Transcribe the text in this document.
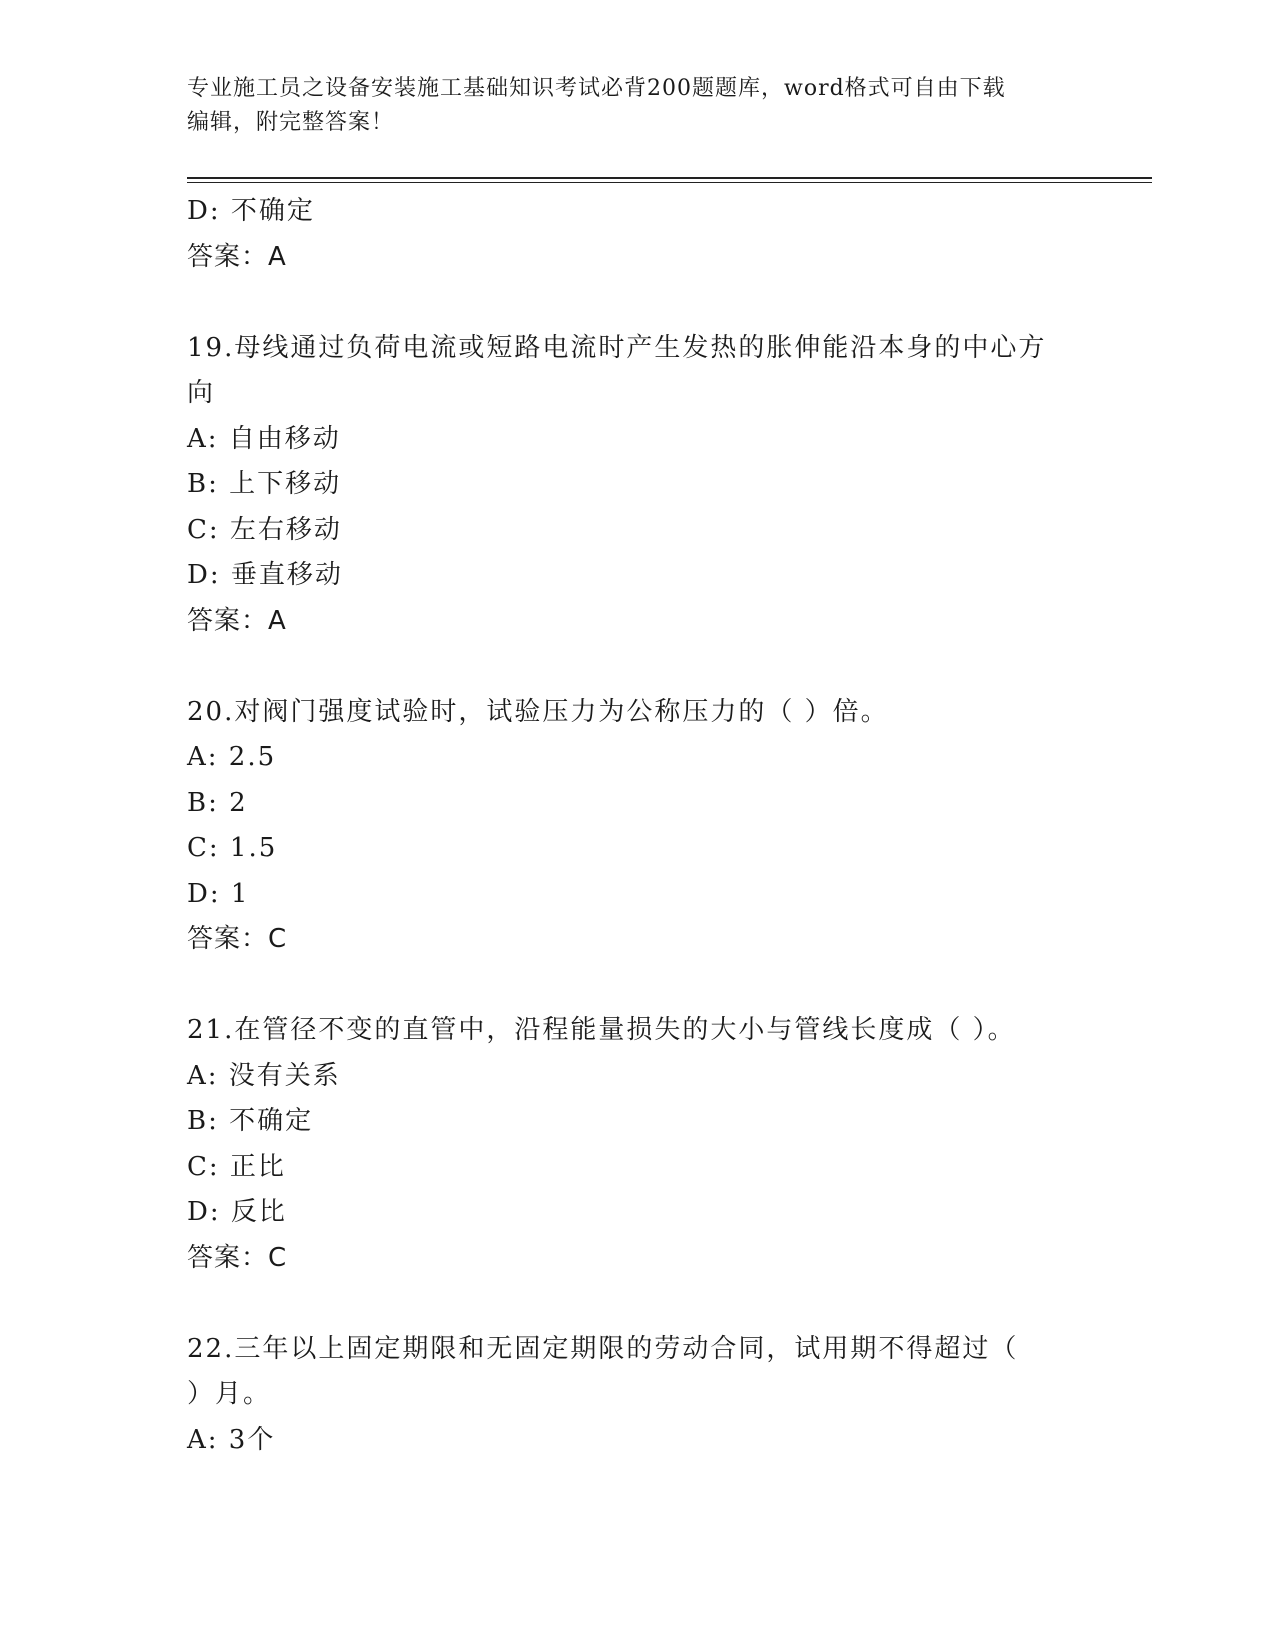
专业施工员之设备安装施工基础知识考试必背200题题库，word格式可自由下载
编辑，附完整答案！
D: 不确定
答案：A
19.母线通过负荷电流或短路电流时产生发热的胀伸能沿本身的中心方
向
A: 自由移动
B: 上下移动
C: 左右移动
D: 垂直移动
答案：A
20.对阀门强度试验时，试验压力为公称压力的（ ）倍。
A: 2.5
B: 2
C: 1.5
D: 1
答案：C
21.在管径不变的直管中，沿程能量损失的大小与管线长度成（ ）。
A: 没有关系
B: 不确定
C: 正比
D: 反比
答案：C
22.三年以上固定期限和无固定期限的劳动合同，试用期不得超过（
）月。
A: 3个
